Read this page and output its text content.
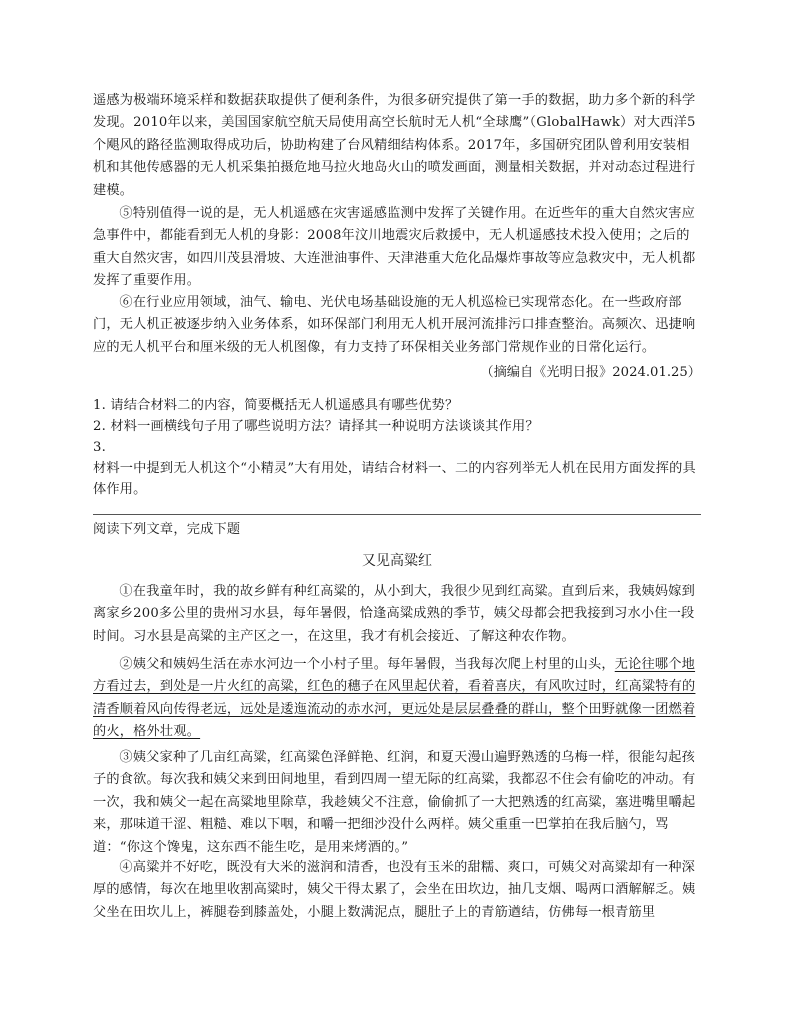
遥感为极端环境采样和数据获取提供了便利条件，为很多研究提供了第一手的数据，助力多个新的科学发现。2010年以来，美国国家航空航天局使用高空长航时无人机“全球鹰”（GlobalHawk）对大西洋5个飓风的路径监测取得成功后，协助构建了台风精细结构体系。2017年，多国研究团队曾利用安装相机和其他传感器的无人机采集拍摄危地马拉火地岛火山的喷发画面，测量相关数据，并对动态过程进行建模。

⑤特别值得一说的是，无人机遥感在灾害遥感监测中发挥了关键作用。在近些年的重大自然灾害应急事件中，都能看到无人机的身影：2008年汶川地震灾后救援中，无人机遥感技术投入使用；之后的重大自然灾害，如四川茂县滑坡、大连泄油事件、天津港重大危化品爆炸事故等应急救灾中，无人机都发挥了重要作用。

⑥在行业应用领域，油气、输电、光伏电场基础设施的无人机巡检已实现常态化。在一些政府部门，无人机正被逐步纳入业务体系，如环保部门利用无人机开展河流排污口排查整治。高频次、迅捷响应的无人机平台和厘米级的无人机图像，有力支持了环保相关业务部门常规作业的日常化运行。

（摘编自《光明日报》2024.01.25）

1. 请结合材料二的内容，简要概括无人机遥感具有哪些优势？

2. 材料一画横线句子用了哪些说明方法？请择其一种说明方法谈谈其作用？

3.

材料一中提到无人机这个“小精灵”大有用处，请结合材料一、二的内容列举无人机在民用方面发挥的具体作用。

阅读下列文章，完成下题
又见高粱红

①在我童年时，我的故乡鲜有种红高粱的，从小到大，我很少见到红高粱。直到后来，我姨妈嫁到离家乡200多公里的贵州习水县，每年暑假，恰逢高粱成熟的季节，姨父母都会把我接到习水小住一段时间。习水县是高粱的主产区之一，在这里，我才有机会接近、了解这种农作物。

②姨父和姨妈生活在赤水河边一个小村子里。每年暑假，当我每次爬上村里的山头，无论往哪个地方看过去，到处是一片火红的高粱，红色的穗子在风里起伏着，看着喜庆，有风吹过时，红高粱特有的清香顺着风向传得老远，远处是逶迤流动的赤水河，更远处是层层叠叠的群山，整个田野就像一团燃着的火，格外壮观。

③姨父家种了几亩红高粱，红高粱色泽鲜艳、红润，和夏天漫山遍野熟透的乌梅一样，很能勾起孩子的食欲。每次我和姨父来到田间地里，看到四周一望无际的红高粱，我都忍不住会有偷吃的冲动。有一次，我和姨父一起在高粱地里除草，我趁姨父不注意，偷偷抓了一大把熟透的红高粱，塞进嘴里嚼起来，那味道干涩、粗糙、难以下咽，和嚼一把细沙没什么两样。姨父重重一巴掌拍在我后脑勺，骂道：“你这个馋鬼，这东西不能生吃，是用来烤酒的。”

④高粱并不好吃，既没有大米的滋润和清香，也没有玉米的甜糯、爽口，可姨父对高粱却有一种深厚的感情，每次在地里收割高粱时，姨父干得太累了，会坐在田坎边，抽几支烟、喝两口酒解解乏。姨父坐在田坎儿上，裤腿卷到膝盖处，小腿上数满泥点，腿肚子上的青筋遒结，仿佛每一根青筋里
